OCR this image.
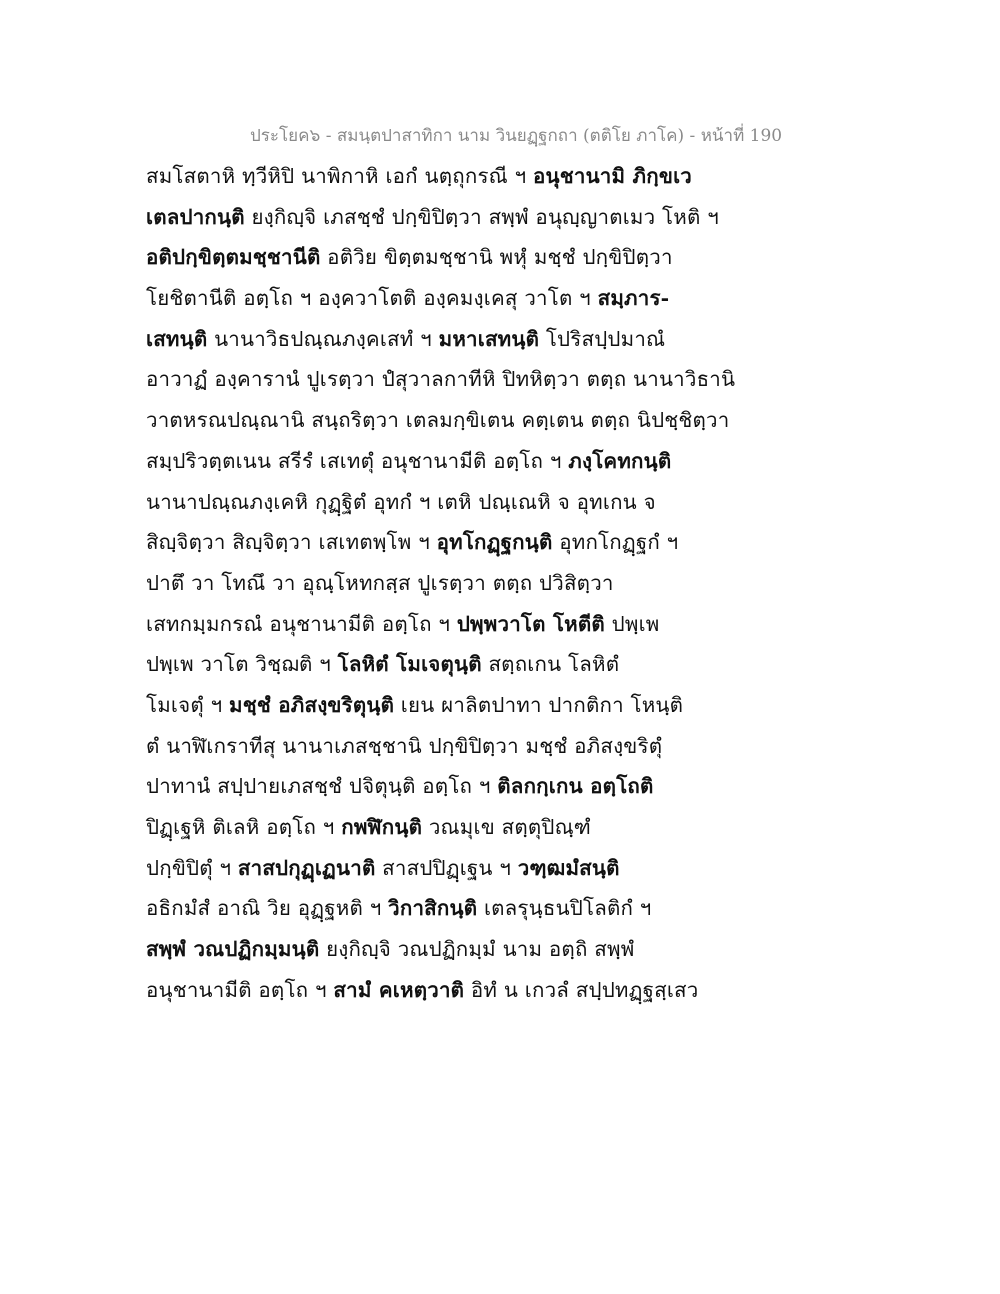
ประโยค๖ - สมนฺตปาสาทิกา นาม วินยฏฺฐกถา (ตติโย ภาโค) - หน้าที่ 190
สมโสตาหิ ทฺวีหิปิ นาพิกาหิ เอกํ นตฺถุกรณี ฯ อนุชานามิ ภิกฺขเว
เตลปากนฺติ ยงฺกิญฺจิ เภสชฺชํ ปกฺขิปิตฺวา สพฺพํ อนุญฺญาตเมว โหติ ฯ
อติปกฺขิตฺตมชฺชานีติ อติวิย ขิตฺตมชฺชานิ พหุํ มชฺชํ ปกฺขิปิตฺวา
โยชิตานีติ อตฺโถ ฯ องฺควาโตติ องฺคมงฺเคสุ วาโต ฯ สมฺภาร-
เสทนฺติ นานาวิธปณฺณภงฺคเสทํ ฯ มหาเสทนฺติ โปริสปฺปมาณํ
อาวาฏํ องฺคารานํ ปูเรตฺวา ปํสุวาลกาทีหิ ปิทหิตฺวา ตตฺถ นานาวิธานิ
วาตหรณปณฺณานิ สนฺถริตฺวา เตลมกฺขิเตน คตฺเตน ตตฺถ นิปชฺชิตฺวา
สมฺปริวตฺตเนน สรีรํ เสเทตุํ อนุชานามีติ อตฺโถ ฯ ภงฺโคทกนฺติ
นานาปณฺณภงฺเคหิ กุฏฺฐิตํ อุทกํ ฯ เตหิ ปณฺเณหิ จ อุทเกน จ
สิญฺจิตฺวา สิญฺจิตฺวา เสเทตพฺโพ ฯ อุทโกฏฺฐกนฺติ อุทกโกฏฺฐกํ ฯ
ปาตึ วา โทณึ วา อุณฺโหทกสฺส ปูเรตฺวา ตตฺถ ปวิสิตฺวา
เสทกมฺมกรณํ อนุชานามีติ อตฺโถ ฯ ปพฺพวาโต โหตีติ ปพฺเพ
ปพฺเพ วาโต วิชฺฌติ ฯ โลหิตํ โมเจตุนฺติ สตฺถเกน โลหิตํ
โมเจตุํ ฯ มชฺชํ อภิสงฺขริตุนฺติ เยน ผาลิตปาทา ปากติกา โหนฺติ
ตํ นาฬิเกราทีสุ นานาเภสชฺชานิ ปกฺขิปิตฺวา มชฺชํ อภิสงฺขริตุํ
ปาทานํ สปฺปายเภสชฺชํ ปจิตุนฺติ อตฺโถ ฯ ติลกกฺเกน อตฺโถติ
ปิฏฺเฐหิ ติเลหิ อตฺโถ ฯ กพฬิกนฺติ วณมุเข สตฺตุปิณฺฑํ
ปกฺขิปิตุํ ฯ สาสปกุฏฺเฏนาติ สาสปปิฏฺเฐน ฯ วฑฺฒมํสนฺติ
อธิกมํสํ อาณิ วิย อุฏฺฐหติ ฯ วิกาสิกนฺติ เตลรุนฺธนปิโลติกํ ฯ
สพฺพํ วณปฏิกมฺมนฺติ ยงฺกิญฺจิ วณปฏิกมฺมํ นาม อตฺถิ สพฺพํ
อนุชานามีติ อตฺโถ ฯ สามํ คเหตฺวาติ อิทํ น เกวลํ สปฺปทฏฺฐสฺเสว
